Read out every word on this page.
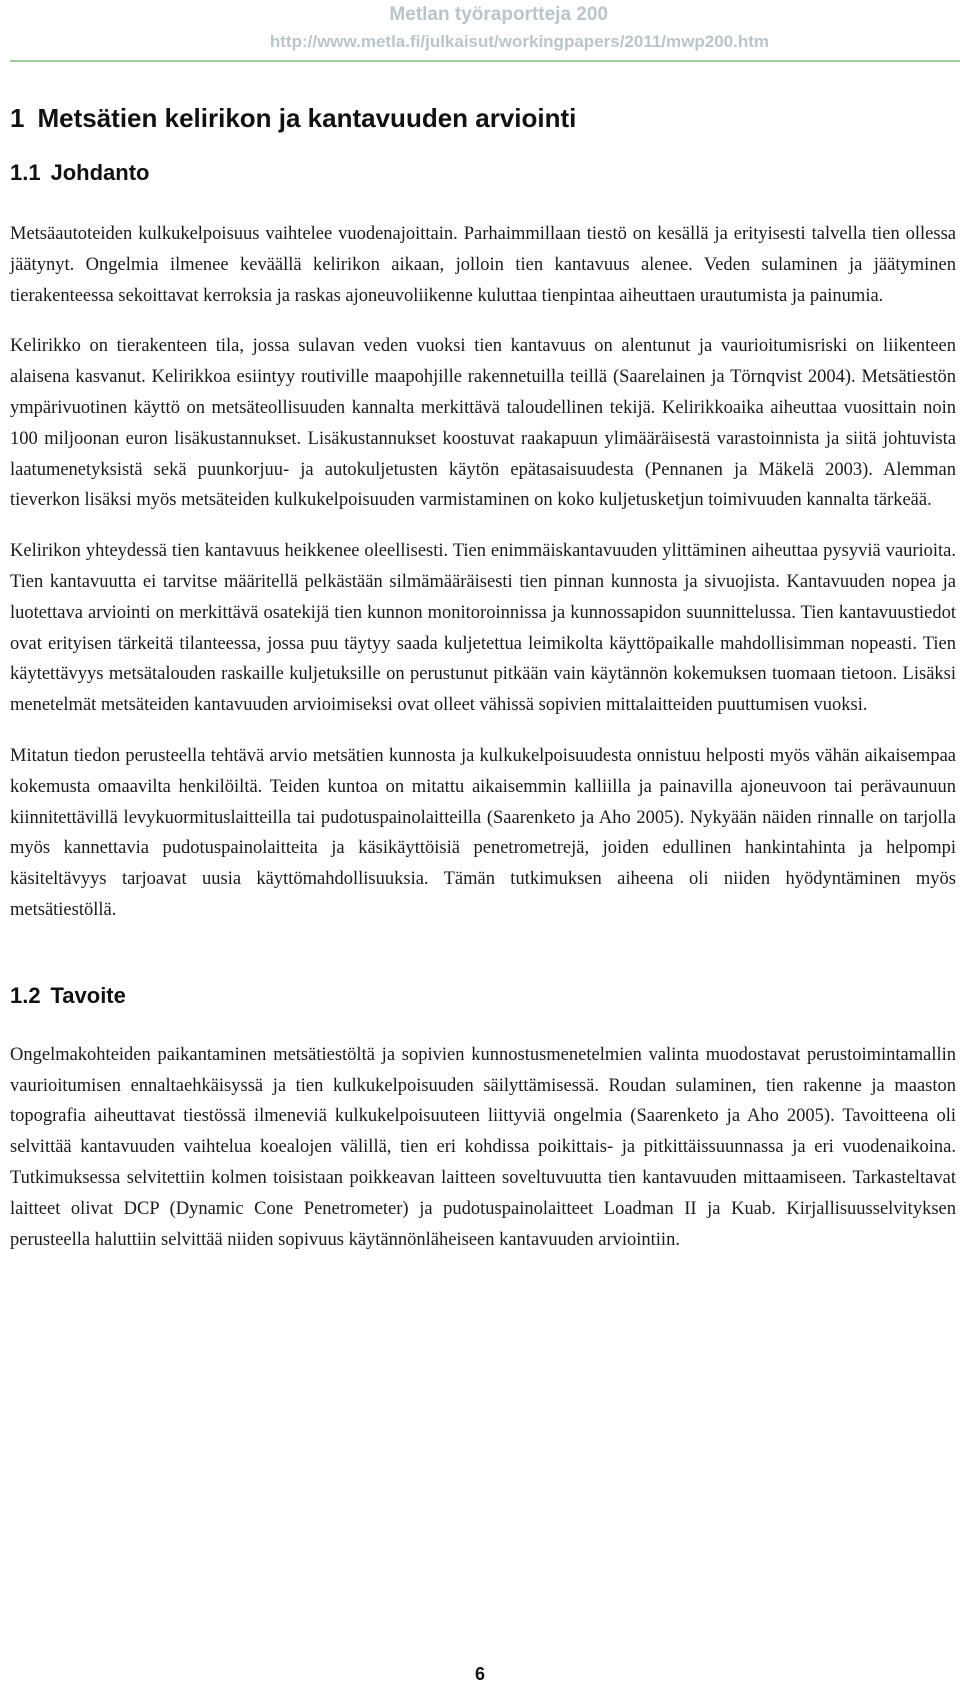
Metlan työraportteja 200
http://www.metla.fi/julkaisut/workingpapers/2011/mwp200.htm
1 Metsätien kelirikon ja kantavuuden arviointi
1.1 Johdanto

Metsäautoteiden kulkukelpoisuus vaihtelee vuodenajoittain. Parhaimmillaan tiestö on kesällä ja erityisesti talvella tien ollessa jäätynyt. Ongelmia ilmenee keväällä kelirikon aikaan, jolloin tien kantavuus alenee. Veden sulaminen ja jäätyminen tierakenteessa sekoittavat kerroksia ja raskas ajoneuvoliikenne kuluttaa tienpintaa aiheuttaen urautumista ja painumia.

Kelirikko on tierakenteen tila, jossa sulavan veden vuoksi tien kantavuus on alentunut ja vaurioitumisriski on liikenteen alaisena kasvanut. Kelirikkoa esiintyy routiville maapohjille rakennetuilla teillä (Saarelainen ja Törnqvist 2004). Metsätiestön ympärivuotinen käyttö on metsäteollisuuden kannalta merkittävä taloudellinen tekijä. Kelirikkoaika aiheuttaa vuosittain noin 100 miljoonan euron lisäkustannukset. Lisäkustannukset koostuvat raakapuun ylimääräisestä varastoinnista ja siitä johtuvista laatumenetyksistä sekä puunkorjuu- ja autokuljetusten käytön epätasaisuudesta (Pennanen ja Mäkelä 2003). Alemman tieverkon lisäksi myös metsäteiden kulkukelpoisuuden varmistaminen on koko kuljetusketjun toimivuuden kannalta tärkeää.

Kelirikon yhteydessä tien kantavuus heikkenee oleellisesti. Tien enimmäiskantavuuden ylittäminen aiheuttaa pysyviä vaurioita. Tien kantavuutta ei tarvitse määritellä pelkästään silmämääräisesti tien pinnan kunnosta ja sivuojista. Kantavuuden nopea ja luotettava arviointi on merkittävä osatekijä tien kunnon monitoroinnissa ja kunnossapidon suunnittelussa. Tien kantavuustiedot ovat erityisen tärkeitä tilanteessa, jossa puu täytyy saada kuljetettua leimikolta käyttöpaikalle mahdollisimman nopeasti. Tien käytettävyys metsätalouden raskaille kuljetuksille on perustunut pitkään vain käytännön kokemuksen tuomaan tietoon. Lisäksi menetelmät metsäteiden kantavuuden arvioimiseksi ovat olleet vähissä sopivien mittalaitteiden puuttumisen vuoksi.

Mitatun tiedon perusteella tehtävä arvio metsätien kunnosta ja kulkukelpoisuudesta onnistuu helposti myös vähän aikaisempaa kokemusta omaavilta henkilöiltä. Teiden kuntoa on mitattu aikaisemmin kalliilla ja painavilla ajoneuvoon tai perävaunuun kiinnitettävillä levykuormituslaitteilla tai pudotuspainolaitteilla (Saarenketo ja Aho 2005). Nykyään näiden rinnalle on tarjolla myös kannettavia pudotuspainolaitteita ja käsikäyttöisiä penetrometrejä, joiden edullinen hankintahinta ja helpompi käsiteltävyys tarjoavat uusia käyttömahdollisuuksia. Tämän tutkimuksen aiheena oli niiden hyödyntäminen myös metsätiestöllä.

1.2 Tavoite

Ongelmakohteiden paikantaminen metsätiestöltä ja sopivien kunnostusmenetelmien valinta muodostavat perustoimintamallin vaurioitumisen ennaltaehkäisyssä ja tien kulkukelpoisuuden säilyttämisessä. Roudan sulaminen, tien rakenne ja maaston topografia aiheuttavat tiestössä ilmeneviä kulkukelpoisuuteen liittyviä ongelmia (Saarenketo ja Aho 2005). Tavoitteena oli selvittää kantavuuden vaihtelua koealojen välillä, tien eri kohdissa poikittais- ja pitkittäissuunnassa ja eri vuodenaikoina. Tutkimuksessa selvitettiin kolmen toisistaan poikkeavan laitteen soveltuvuutta tien kantavuuden mittaamiseen. Tarkasteltavat laitteet olivat DCP (Dynamic Cone Penetrometer) ja pudotuspainolaitteet Loadman II ja Kuab. Kirjallisuusselvityksen perusteella haluttiin selvittää niiden sopivuus käytännönläheiseen kantavuuden arviointiin.

6
